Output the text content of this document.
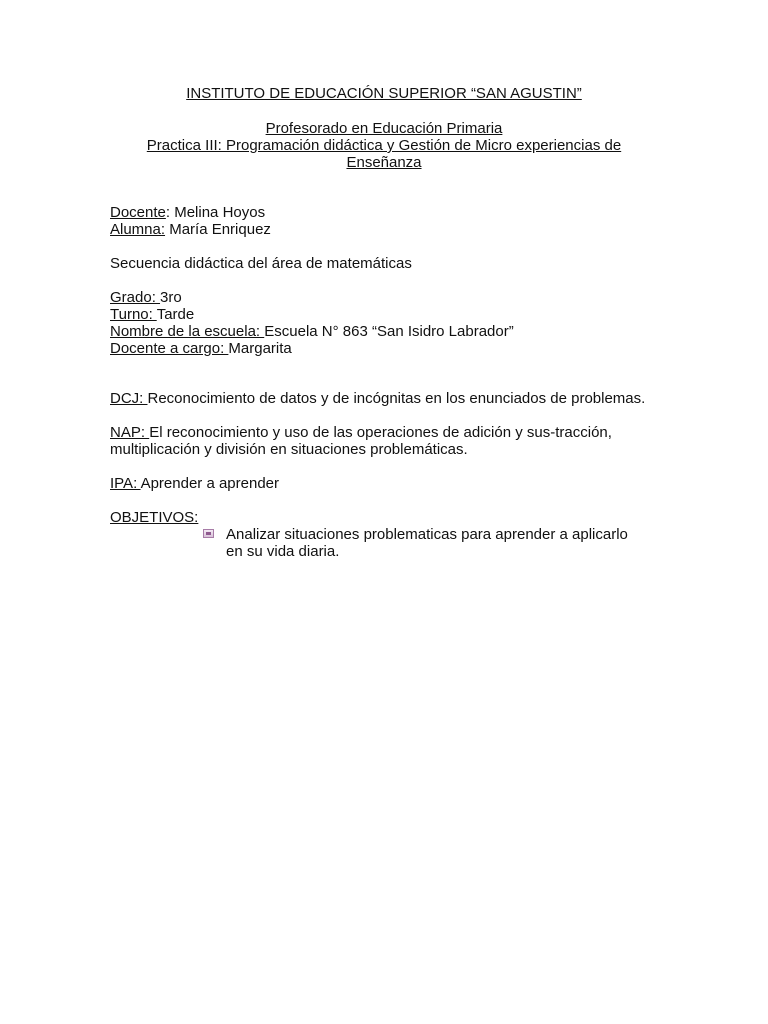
INSTITUTO DE EDUCACIÓN SUPERIOR “SAN AGUSTIN”

Profesorado en Educación Primaria

Practica III: Programación didáctica y Gestión de Micro experiencias de

Enseñanza

Docente: Melina Hoyos

Alumna: María Enriquez

Secuencia didáctica del área de matemáticas

Grado: 3ro

Turno: Tarde

Nombre de la escuela: Escuela N° 863 “San Isidro Labrador”

Docente a cargo: Margarita

DCJ: Reconocimiento de datos y de incógnitas en los enunciados de problemas.

NAP: El reconocimiento y uso de las operaciones de adición y sus-tracción, multiplicación y división en situaciones problemáticas.

IPA: Aprender a aprender

OBJETIVOS:

Analizar situaciones problematicas para aprender a aplicarlo en su vida diaria.
